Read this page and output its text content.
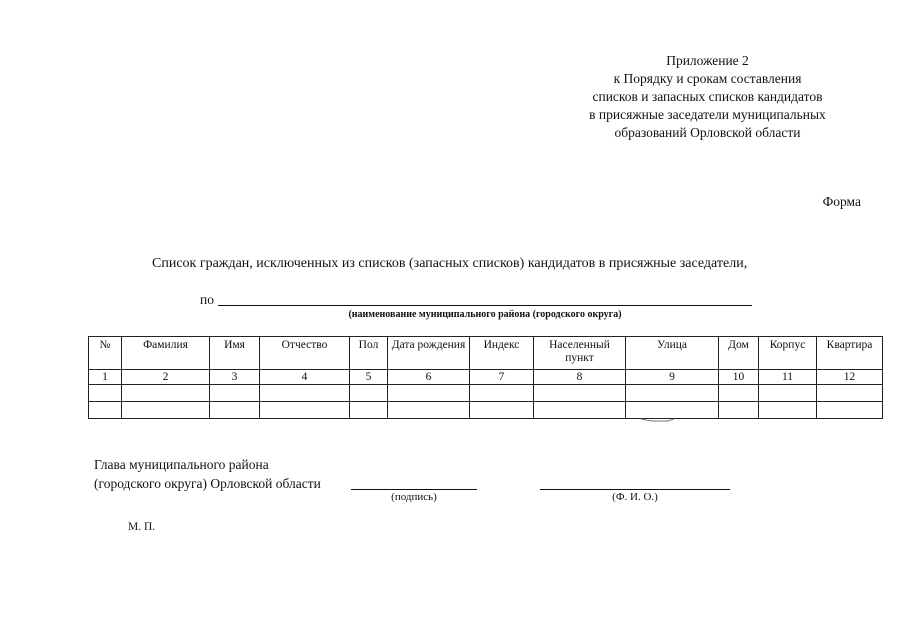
Приложение 2
к Порядку и срокам составления
списков и запасных списков кандидатов
в присяжные заседатели муниципальных
образований Орловской области
Форма
Список граждан, исключенных из списков (запасных списков) кандидатов в присяжные заседатели,
по
(наименование муниципального района (городского округа)
№	Фамилия	Имя	Отчество	Пол	Дата рождения	Индекс	Населенный пункт	Улица	Дом	Корпус	Квартира
1	2	3	4	5	6	7	8	9	10	11	12

Глава муниципального района
(городского округа) Орловской области
(подпись)	(Ф. И. О.)
М. П.
